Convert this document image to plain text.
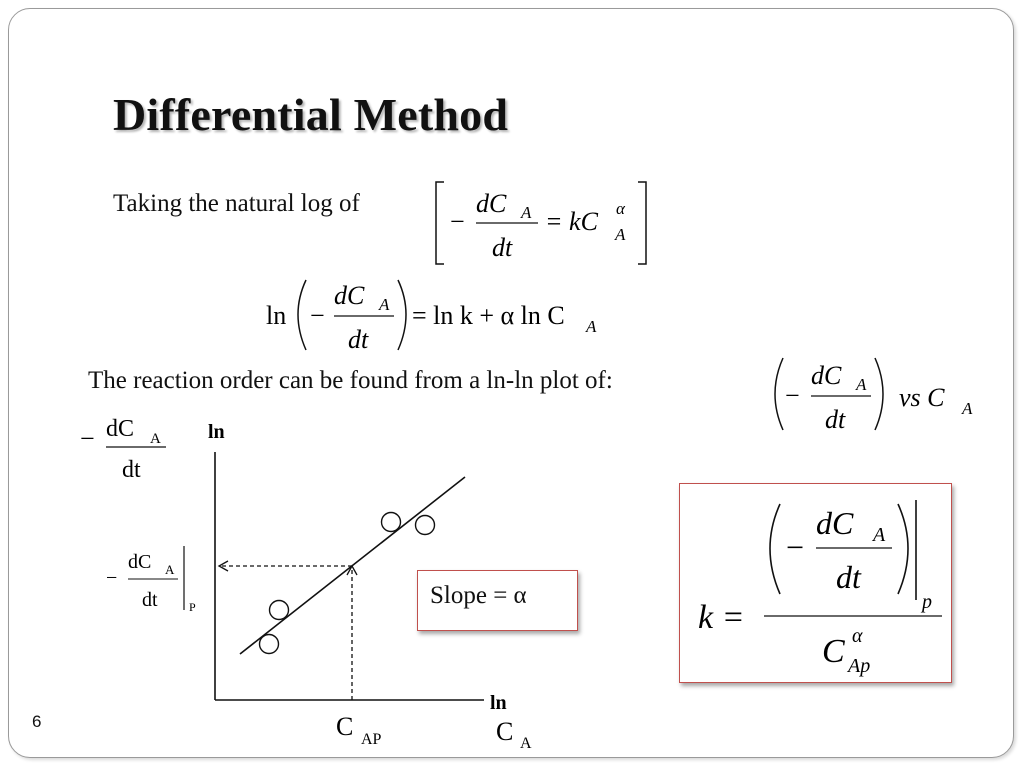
Differential Method
Taking the natural log of
−
dC A
dt
= kC A
α
ln −
dC A
dt
= ln k + α ln C A
The reaction order can be found from a ln-ln plot of:
−
dC A
dt
vs C A
− dC A
dt
ln
ln
−
dC A
dt	P
C AP	C A
Slope = α
k =
−
dC A
dt
p
C Ap
α
6
